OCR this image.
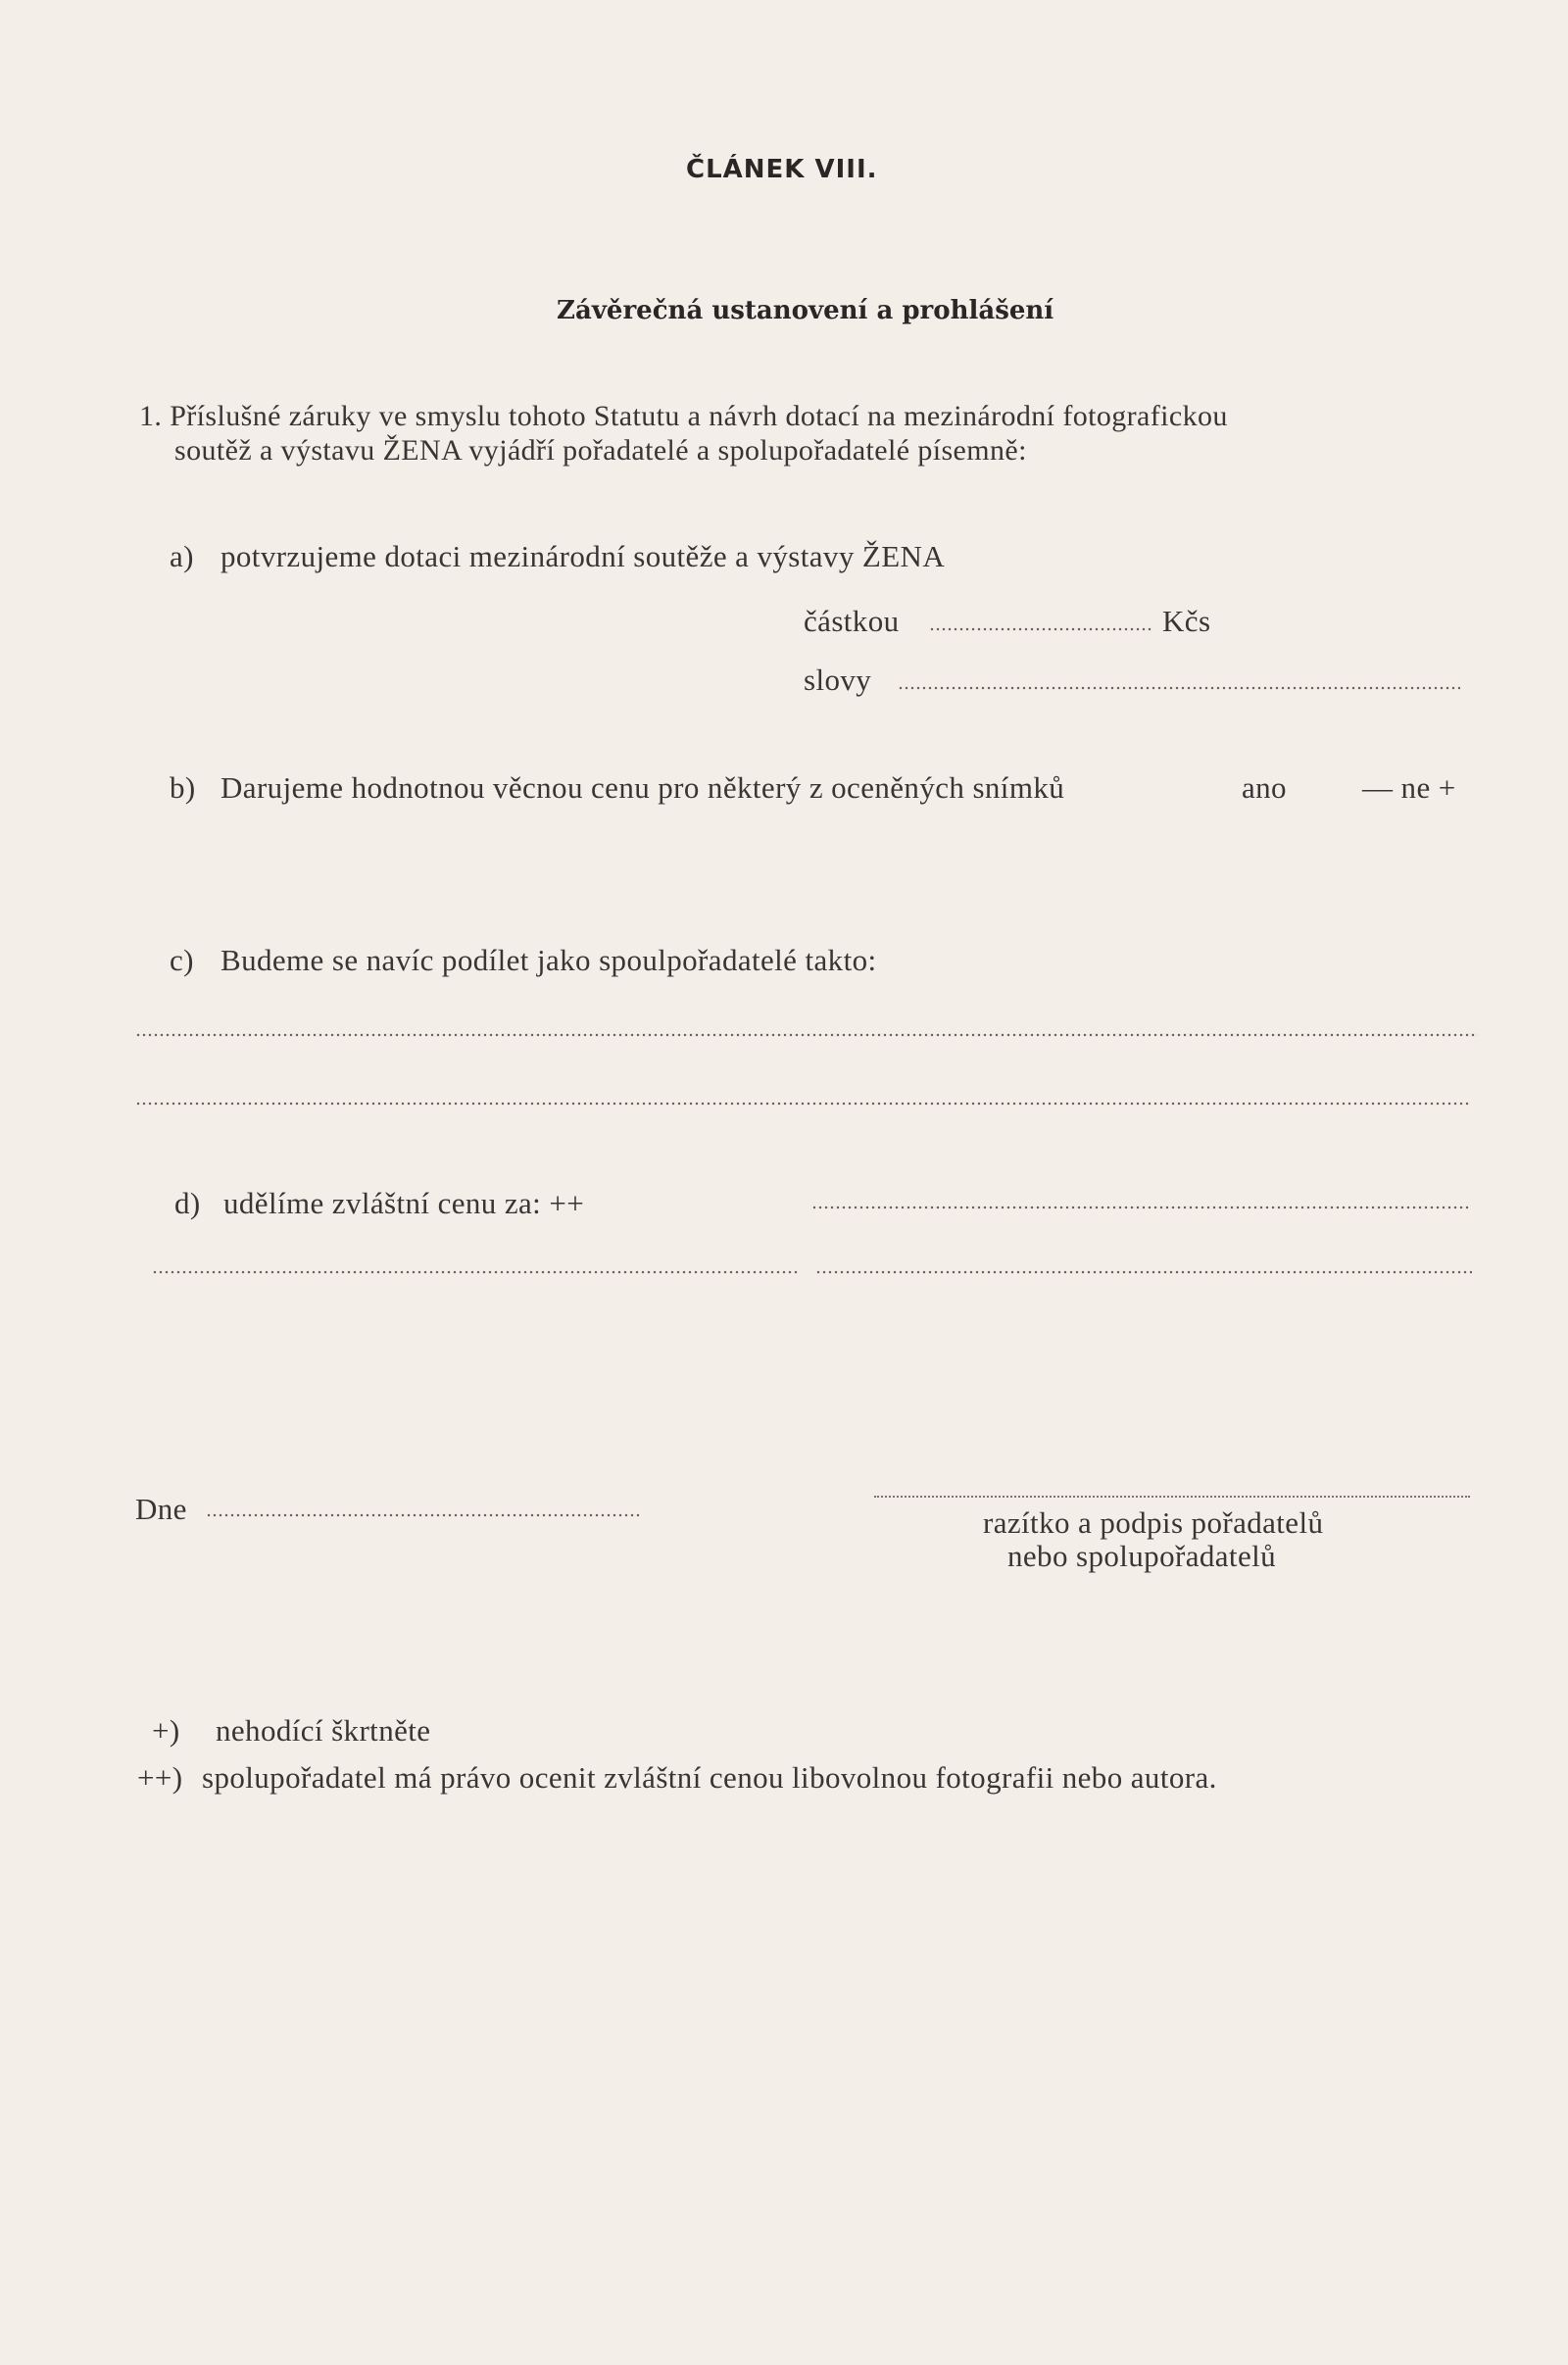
ČLÁNEK VIII.
Závěrečná ustanovení a prohlášení
1. Příslušné záruky ve smyslu tohoto Statutu a návrh dotací na mezinárodní fotografickou
soutěž a výstavu ŽENA vyjádří pořadatelé a spolupořadatelé písemně:
a) potvrzujeme dotaci mezinárodní soutěže a výstavy ŽENA
částkou	Kčs
slovy
b) Darujeme hodnotnou věcnou cenu pro některý z oceněných snímků	ano — ne +
c) Budeme se navíc podílet jako spoulpořadatelé takto:
d) udělíme zvláštní cenu za: ++
Dne	razítko a podpis pořadatelů
nebo spolupořadatelů
+) nehodící škrtněte
++) spolupořadatel má právo ocenit zvláštní cenou libovolnou fotografii nebo autora.
